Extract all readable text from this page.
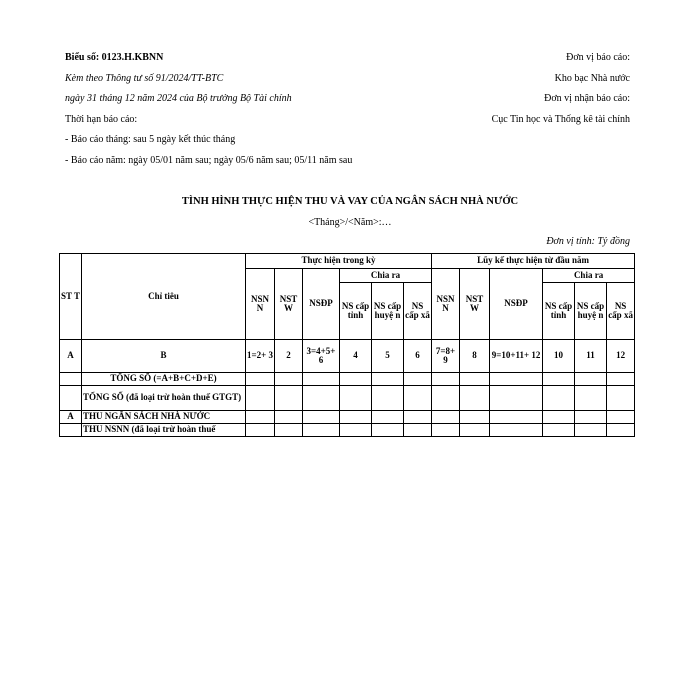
Biểu số: 0123.H.KBNN

Kèm theo Thông tư số 91/2024/TT-BTC

ngày 31 tháng 12 năm 2024 của Bộ trưởng Bộ Tài chính

Thời hạn báo cáo:

- Báo cáo tháng: sau 5 ngày kết thúc tháng

- Báo cáo năm: ngày 05/01 năm sau; ngày 05/6 năm sau; 05/11 năm sau

Đơn vị báo cáo:

Kho bạc Nhà nước

Đơn vị nhận báo cáo:

Cục Tin học và Thống kê tài chính

TÌNH HÌNH THỰC HIỆN THU VÀ VAY CỦA NGÂN SÁCH NHÀ NƯỚC
<Tháng>/<Năm>:…
Đơn vị tính: Tỷ đồng
ST T	Chỉ tiêu	Thực hiện trong kỳ						Lũy kế thực hiện từ đầu năm					
		NSN N	NST W	NSĐP	Chia ra			NSN N	NST W	NSĐP	Chia ra		
					NS cấp tỉnh	NS cấp huyệ n	NS cấp xã				NS cấp tỉnh	NS cấp huyệ n	NS cấp xã
A	B	1=2+ 3	2	3=4+5+ 6	4	5	6	7=8+ 9	8	9=10+11+ 12	10	11	12
	TỔNG SỐ (=A+B+C+D+E)												
	TỔNG SỐ (đã loại trừ hoàn thuế GTGT)												
A	THU NGÂN SÁCH NHÀ NƯỚC												
	THU NSNN (đã loại trừ hoàn thuế												
